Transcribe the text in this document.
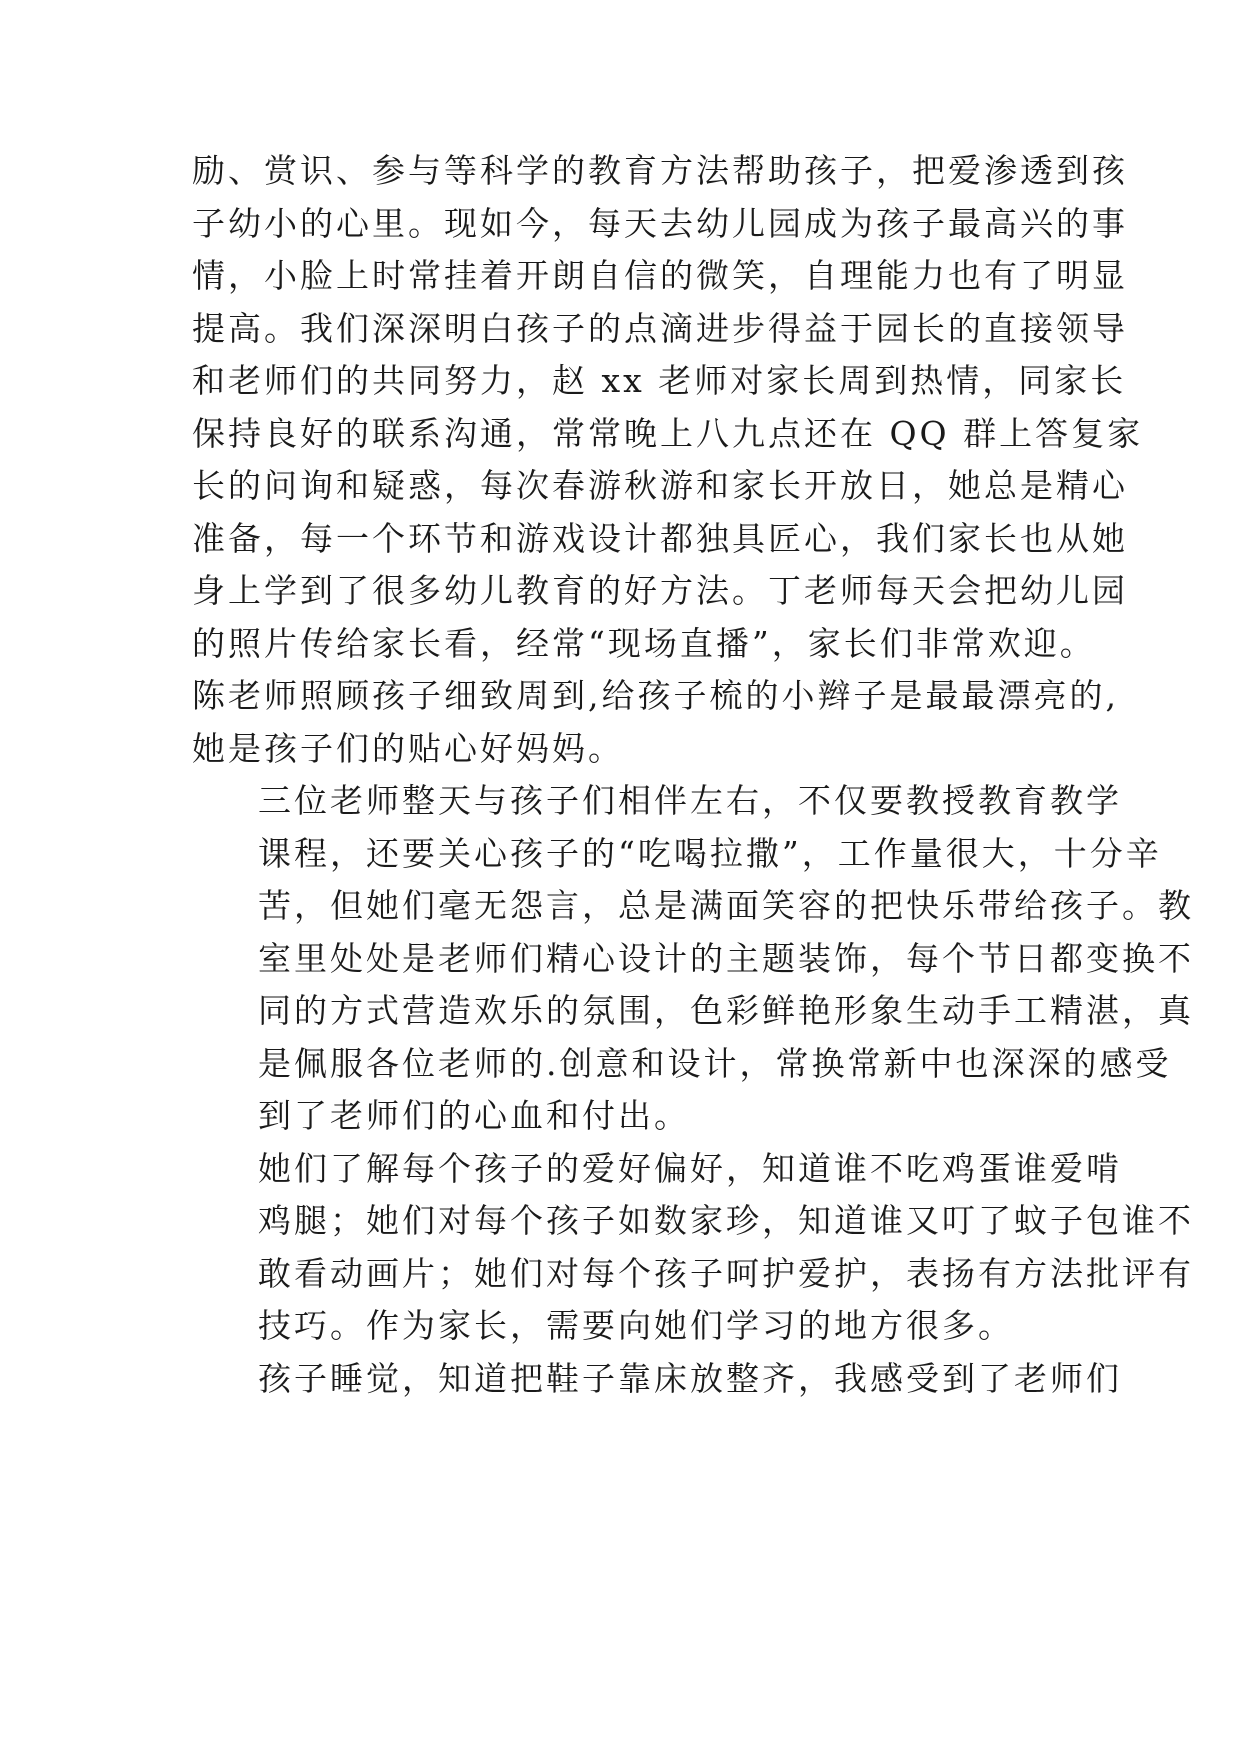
励、赏识、参与等科学的教育方法帮助孩子，把爱渗透到孩
子幼小的心里。现如今，每天去幼儿园成为孩子最高兴的事
情，小脸上时常挂着开朗自信的微笑，自理能力也有了明显
提高。我们深深明白孩子的点滴进步得益于园长的直接领导
和老师们的共同努力，赵 xx 老师对家长周到热情，同家长
保持良好的联系沟通，常常晚上八九点还在 QQ 群上答复家
长的问询和疑惑，每次春游秋游和家长开放日，她总是精心
准备，每一个环节和游戏设计都独具匠心，我们家长也从她
身上学到了很多幼儿教育的好方法。丁老师每天会把幼儿园
的照片传给家长看，经常“现场直播”，家长们非常欢迎。
陈老师照顾孩子细致周到,给孩子梳的小辫子是最最漂亮的,
她是孩子们的贴心好妈妈。

三位老师整天与孩子们相伴左右，不仅要教授教育教学
课程，还要关心孩子的“吃喝拉撒”，工作量很大，十分辛
苦，但她们毫无怨言，总是满面笑容的把快乐带给孩子。教
室里处处是老师们精心设计的主题装饰，每个节日都变换不
同的方式营造欢乐的氛围，色彩鲜艳形象生动手工精湛，真
是佩服各位老师的.创意和设计，常换常新中也深深的感受
到了老师们的心血和付出。

她们了解每个孩子的爱好偏好，知道谁不吃鸡蛋谁爱啃
鸡腿；她们对每个孩子如数家珍，知道谁又叮了蚊子包谁不
敢看动画片；她们对每个孩子呵护爱护，表扬有方法批评有
技巧。作为家长，需要向她们学习的地方很多。

孩子睡觉，知道把鞋子靠床放整齐，我感受到了老师们
